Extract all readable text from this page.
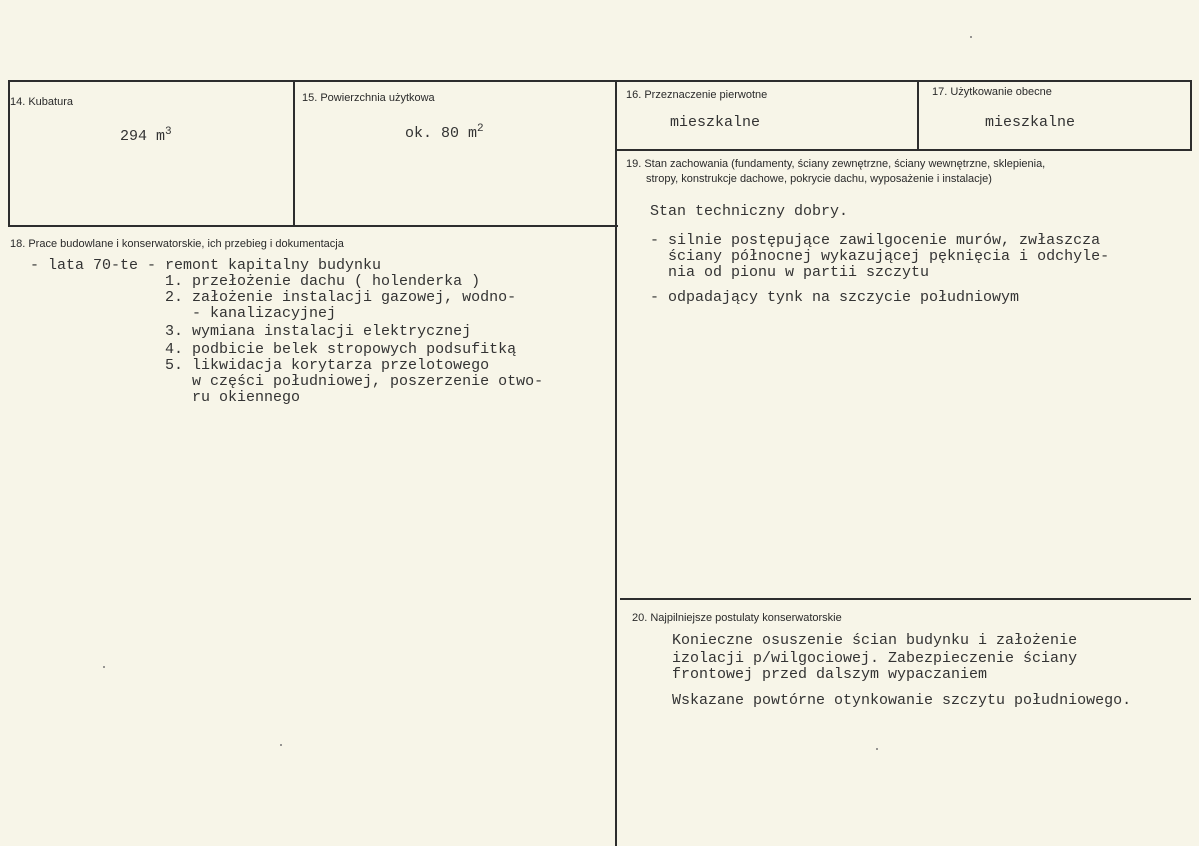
14. Kubatura
294 $m^3$
15. Powierzchnia użytkowa
ok. 80 $m^2$
16. Przeznaczenie pierwotne
mieszkalne
17. Użytkowanie obecne
mieszkalne
18. Prace budowlane i konserwatorskie, ich przebieg i dokumentacja
- lata 70-te - remont kapitalny budynku
1. przełożenie dachu ( holenderka )
2. założenie instalacji gazowej, wodno-
- kanalizacyjnej
3. wymiana instalacji elektrycznej
4. podbicie belek stropowych podsufitką
5. likwidacja korytarza przelotowego
w części południowej, poszerzenie otwo-
ru okiennego
19. Stan zachowania (fundamenty, ściany zewnętrzne, ściany wewnętrzne, sklepienia,
stropy, konstrukcje dachowe, pokrycie dachu, wyposażenie i instalacje)
Stan techniczny dobry.
- silnie postępujące zawilgocenie murów, zwłaszcza
ściany północnej wykazującej pęknięcia i odchyle-
nia od pionu w partii szczytu
- odpadający tynk na szczycie południowym
20. Najpilniejsze postulaty konserwatorskie
Konieczne osuszenie ścian budynku i założenie
izolacji p/wilgociowej. Zabezpieczenie ściany
frontowej przed dalszym wypaczaniem
Wskazane powtórne otynkowanie szczytu południowego.
